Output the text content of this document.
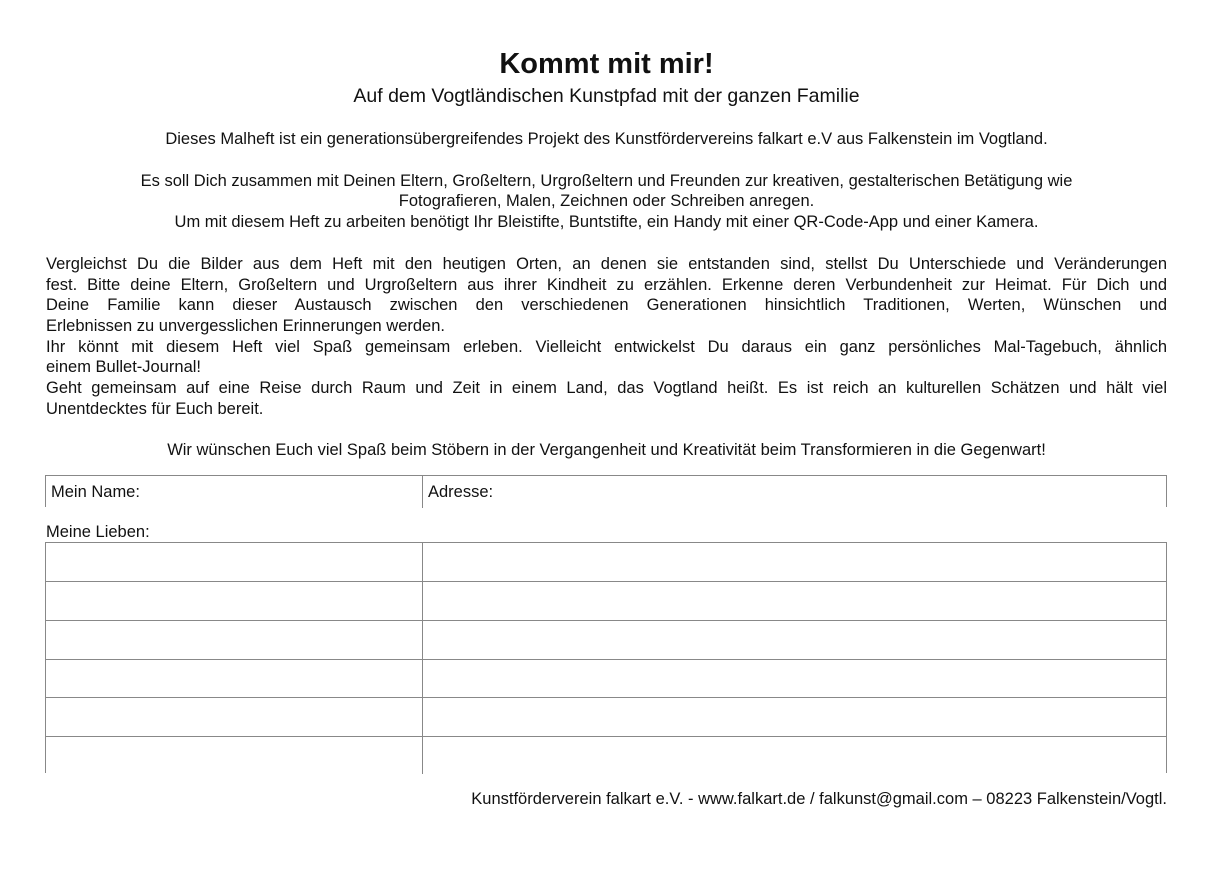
Kommt mit mir!

Auf dem Vogtländischen Kunstpfad mit der ganzen Familie

Dieses Malheft ist ein generationsübergreifendes Projekt des Kunstfördervereins falkart e.V aus Falkenstein im Vogtland.

Es soll Dich zusammen mit Deinen Eltern, Großeltern, Urgroßeltern und Freunden zur kreativen, gestalterischen Betätigung wie
Fotografieren, Malen, Zeichnen oder Schreiben anregen.
Um mit diesem Heft zu arbeiten benötigt Ihr Bleistifte, Buntstifte, ein Handy mit einer QR-Code-App und einer Kamera.
Vergleichst Du die Bilder aus dem Heft mit den heutigen Orten, an denen sie entstanden sind, stellst Du Unterschiede und Veränderungen
fest. Bitte deine Eltern, Großeltern und Urgroßeltern aus ihrer Kindheit zu erzählen. Erkenne deren Verbundenheit zur Heimat. Für Dich und
Deine Familie kann dieser Austausch zwischen den verschiedenen Generationen hinsichtlich Traditionen, Werten, Wünschen und
Erlebnissen zu unvergesslichen Erinnerungen werden.
Ihr könnt mit diesem Heft viel Spaß gemeinsam erleben. Vielleicht entwickelst Du daraus ein ganz persönliches Mal-Tagebuch, ähnlich
einem Bullet-Journal!
Geht gemeinsam auf eine Reise durch Raum und Zeit in einem Land, das Vogtland heißt. Es ist reich an kulturellen Schätzen und hält viel
Unentdecktes für Euch bereit.

Wir wünschen Euch viel Spaß beim Stöbern in der Vergangenheit und Kreativität beim Transformieren in die Gegenwart!

Mein Name:	Adresse:
Meine Lieben:
Kunstförderverein falkart e.V. - www.falkart.de / falkunst@gmail.com – 08223 Falkenstein/Vogtl.
